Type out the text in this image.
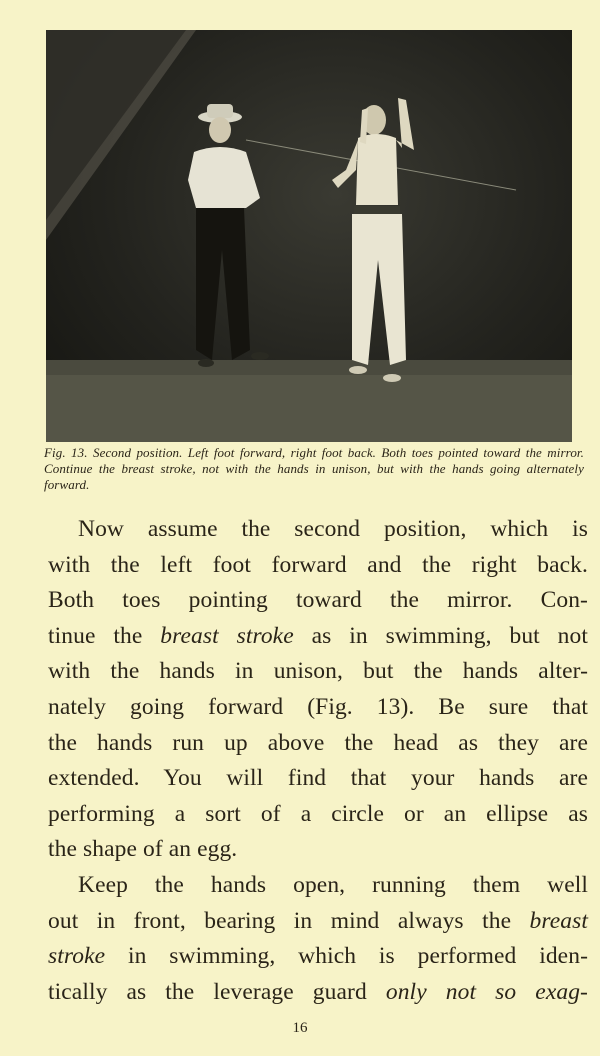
Fig. 13. Second position. Left foot forward, right foot back. Both toes pointed toward the mirror. Continue the breast stroke, not with the hands in unison, but with the hands going alternately forward.
Now assume the second position, which is
with the left foot forward and the right back.
Both toes pointing toward the mirror. Con-
tinue the breast stroke as in swimming, but not
with the hands in unison, but the hands alter-
nately going forward (Fig. 13). Be sure that
the hands run up above the head as they are
extended. You will find that your hands are
performing a sort of a circle or an ellipse as
the shape of an egg.
Keep the hands open, running them well
out in front, bearing in mind always the breast
stroke in swimming, which is performed iden-
tically as the leverage guard only not so exag-
16
